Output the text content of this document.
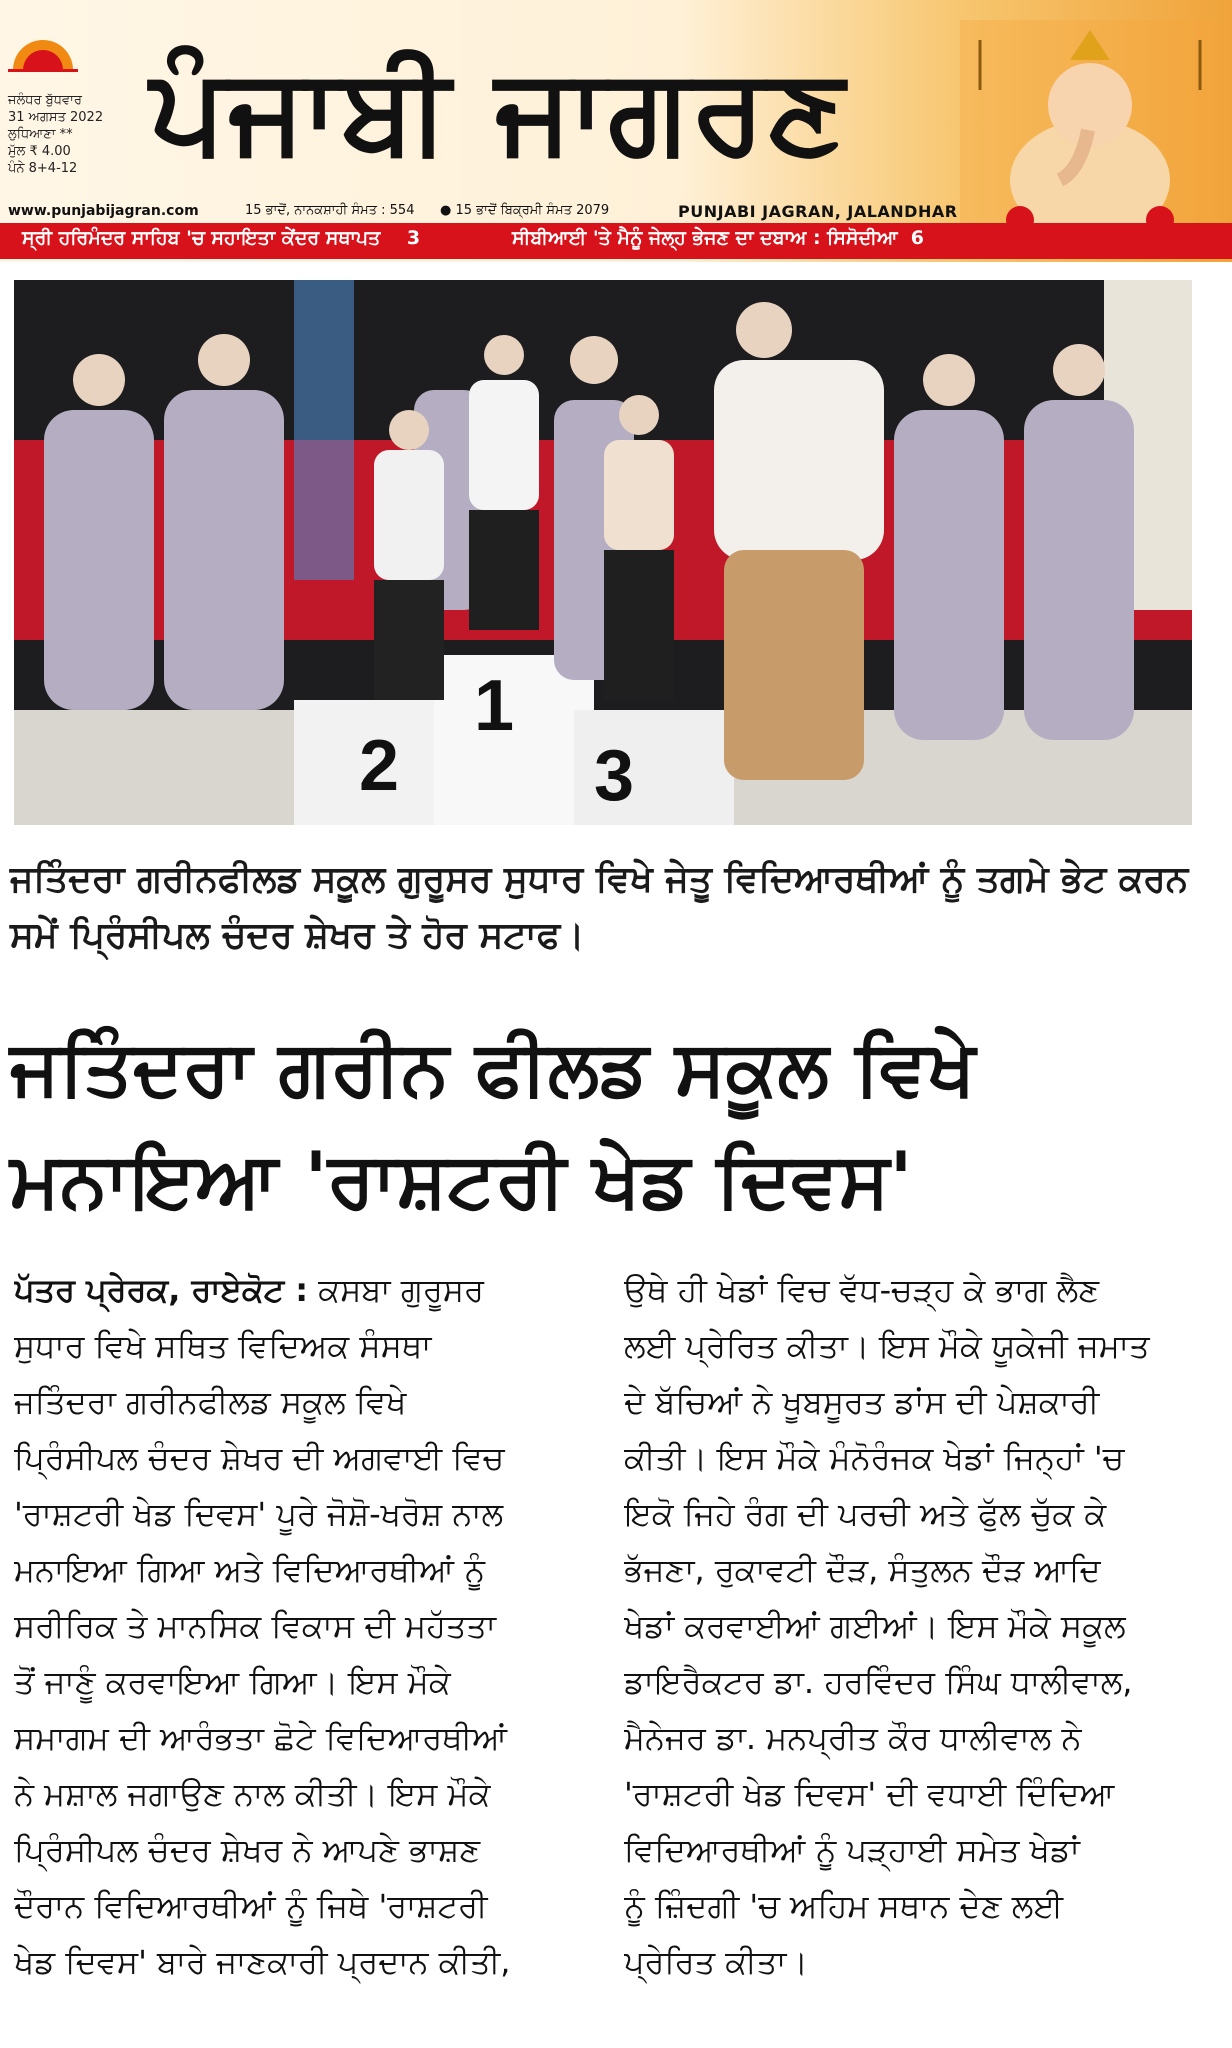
ਜਲੰਧਰ ਬੁੱਧਵਾਰ
31 ਅਗਸਤ 2022
ਲੁਧਿਆਣਾ **
ਮੁੱਲ ₹ 4.00
ਪੰਨੇ 8+4-12 ਪੰਜਾਬੀ ਜਾਗਰਣ
www.punjabijagran.com	15 ਭਾਦੋਂ, ਨਾਨਕਸ਼ਾਹੀ ਸੰਮਤ : 554 ● 15 ਭਾਦੋਂ ਬਿਕ੍ਰਮੀ ਸੰਮਤ 2079	PUNJABI JAGRAN, JALANDHAR
ਸ੍ਰੀ ਹਰਿਮੰਦਰ ਸਾਹਿਬ 'ਚ ਸਹਾਇਤਾ ਕੇਂਦਰ ਸਥਾਪਤ 3	ਸੀਬੀਆਈ 'ਤੇ ਮੈਨੂੰ ਜੇਲ੍ਹ ਭੇਜਣ ਦਾ ਦਬਾਅ : ਸਿਸੋਦੀਆ 6
2
1
3
ਜਤਿੰਦਰਾ ਗਰੀਨਫੀਲਡ ਸਕੂਲ ਗੁਰੂਸਰ ਸੁਧਾਰ ਵਿਖੇ ਜੇਤੂ ਵਿਦਿਆਰਥੀਆਂ ਨੂੰ ਤਗਮੇ ਭੇਟ ਕਰਨ ਸਮੇਂ ਪ੍ਰਿੰਸੀਪਲ ਚੰਦਰ ਸ਼ੇਖਰ ਤੇ ਹੋਰ ਸਟਾਫ।
ਜਤਿੰਦਰਾ ਗਰੀਨ ਫੀਲਡ ਸਕੂਲ ਵਿਖੇ
ਮਨਾਇਆ 'ਰਾਸ਼ਟਰੀ ਖੇਡ ਦਿਵਸ'
ਪੱਤਰ ਪ੍ਰੇਰਕ, ਰਾਏਕੋਟ : ਕਸਬਾ ਗੁਰੂਸਰ
ਸੁਧਾਰ ਵਿਖੇ ਸਥਿਤ ਵਿਦਿਅਕ ਸੰਸਥਾ
ਜਤਿੰਦਰਾ ਗਰੀਨਫੀਲਡ ਸਕੂਲ ਵਿਖੇ
ਪ੍ਰਿੰਸੀਪਲ ਚੰਦਰ ਸ਼ੇਖਰ ਦੀ ਅਗਵਾਈ ਵਿਚ
'ਰਾਸ਼ਟਰੀ ਖੇਡ ਦਿਵਸ' ਪੂਰੇ ਜੋਸ਼ੋ-ਖਰੋਸ਼ ਨਾਲ
ਮਨਾਇਆ ਗਿਆ ਅਤੇ ਵਿਦਿਆਰਥੀਆਂ ਨੂੰ
ਸਰੀਰਿਕ ਤੇ ਮਾਨਸਿਕ ਵਿਕਾਸ ਦੀ ਮਹੱਤਤਾ
ਤੋਂ ਜਾਣੂੰ ਕਰਵਾਇਆ ਗਿਆ। ਇਸ ਮੌਕੇ
ਸਮਾਗਮ ਦੀ ਆਰੰਭਤਾ ਛੋਟੇ ਵਿਦਿਆਰਥੀਆਂ
ਨੇ ਮਸ਼ਾਲ ਜਗਾਉਣ ਨਾਲ ਕੀਤੀ। ਇਸ ਮੌਕੇ
ਪ੍ਰਿੰਸੀਪਲ ਚੰਦਰ ਸ਼ੇਖਰ ਨੇ ਆਪਣੇ ਭਾਸ਼ਣ
ਦੌਰਾਨ ਵਿਦਿਆਰਥੀਆਂ ਨੂੰ ਜਿਥੇ 'ਰਾਸ਼ਟਰੀ
ਖੇਡ ਦਿਵਸ' ਬਾਰੇ ਜਾਣਕਾਰੀ ਪ੍ਰਦਾਨ ਕੀਤੀ,
ਉਥੇ ਹੀ ਖੇਡਾਂ ਵਿਚ ਵੱਧ-ਚੜ੍ਹ ਕੇ ਭਾਗ ਲੈਣ
ਲਈ ਪ੍ਰੇਰਿਤ ਕੀਤਾ। ਇਸ ਮੌਕੇ ਯੂਕੇਜੀ ਜਮਾਤ
ਦੇ ਬੱਚਿਆਂ ਨੇ ਖੂਬਸੂਰਤ ਡਾਂਸ ਦੀ ਪੇਸ਼ਕਾਰੀ
ਕੀਤੀ। ਇਸ ਮੌਕੇ ਮੰਨੋਰੰਜਕ ਖੇਡਾਂ ਜਿਨ੍ਹਾਂ 'ਚ
ਇਕੋ ਜਿਹੇ ਰੰਗ ਦੀ ਪਰਚੀ ਅਤੇ ਫੁੱਲ ਚੁੱਕ ਕੇ
ਭੱਜਣਾ, ਰੁਕਾਵਟੀ ਦੌੜ, ਸੰਤੁਲਨ ਦੌੜ ਆਦਿ
ਖੇਡਾਂ ਕਰਵਾਈਆਂ ਗਈਆਂ। ਇਸ ਮੌਕੇ ਸਕੂਲ
ਡਾਇਰੈਕਟਰ ਡਾ. ਹਰਵਿੰਦਰ ਸਿੰਘ ਧਾਲੀਵਾਲ,
ਮੈਨੇਜਰ ਡਾ. ਮਨਪ੍ਰੀਤ ਕੌਰ ਧਾਲੀਵਾਲ ਨੇ
'ਰਾਸ਼ਟਰੀ ਖੇਡ ਦਿਵਸ' ਦੀ ਵਧਾਈ ਦਿੰਦਿਆ
ਵਿਦਿਆਰਥੀਆਂ ਨੂੰ ਪੜ੍ਹਾਈ ਸਮੇਤ ਖੇਡਾਂ
ਨੂੰ ਜ਼ਿੰਦਗੀ 'ਚ ਅਹਿਮ ਸਥਾਨ ਦੇਣ ਲਈ
ਪ੍ਰੇਰਿਤ ਕੀਤਾ।
